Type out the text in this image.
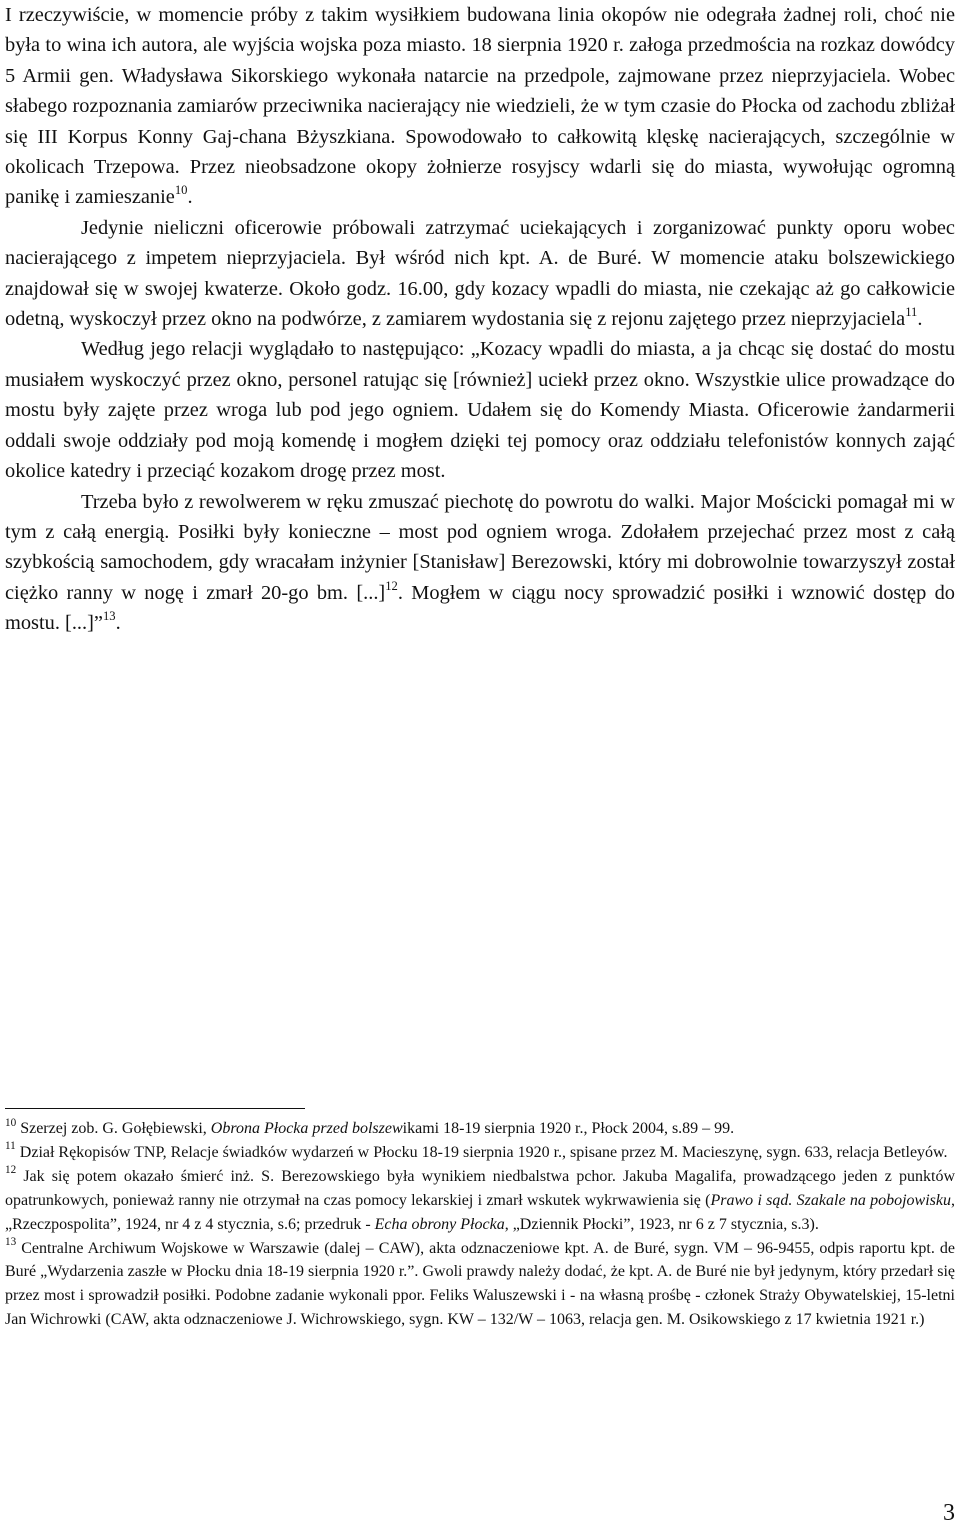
I rzeczywiście, w momencie próby z takim wysiłkiem budowana linia okopów nie odegrała żadnej roli, choć nie była to wina ich autora, ale wyjścia wojska poza miasto. 18 sierpnia 1920 r. załoga przedmościa na rozkaz dowódcy 5 Armii gen. Władysława Sikorskiego wykonała natarcie na przedpole, zajmowane przez nieprzyjaciela. Wobec słabego rozpoznania zamiarów przeciwnika nacierający nie wiedzieli, że w tym czasie do Płocka od zachodu zbliżał się III Korpus Konny Gaj-chana Bżyszkiana. Spowodowało to całkowitą klęskę nacierających, szczególnie w okolicach Trzepowa. Przez nieobsadzone okopy żołnierze rosyjscy wdarli się do miasta, wywołując ogromną panikę i zamieszanie$^{10}$.

Jedynie nieliczni oficerowie próbowali zatrzymać uciekających i zorganizować punkty oporu wobec nacierającego z impetem nieprzyjaciela. Był wśród nich kpt. A. de Buré. W momencie ataku bolszewickiego znajdował się w swojej kwaterze. Około godz. 16.00, gdy kozacy wpadli do miasta, nie czekając aż go całkowicie odetną, wyskoczył przez okno na podwórze, z zamiarem wydostania się z rejonu zajętego przez nieprzyjaciela$^{11}$.

Według jego relacji wyglądało to następująco: „Kozacy wpadli do miasta, a ja chcąc się dostać do mostu musiałem wyskoczyć przez okno, personel ratując się [również] uciekł przez okno. Wszystkie ulice prowadzące do mostu były zajęte przez wroga lub pod jego ogniem. Udałem się do Komendy Miasta. Oficerowie żandarmerii oddali swoje oddziały pod moją komendę i mogłem dzięki tej pomocy oraz oddziału telefonistów konnych zająć okolice katedry i przeciąć kozakom drogę przez most.

Trzeba było z rewolwerem w ręku zmuszać piechotę do powrotu do walki. Major Mościcki pomagał mi w tym z całą energią. Posiłki były konieczne – most pod ogniem wroga. Zdołałem przejechać przez most z całą szybkością samochodem, gdy wracałam inżynier [Stanisław] Berezowski, który mi dobrowolnie towarzyszył został ciężko ranny w nogę i zmarł 20-go bm. [...]$^{12}$. Mogłem w ciągu nocy sprowadzić posiłki i wznowić dostęp do mostu. [...]”$^{13}$.

$^{10}$ Szerzej zob. G. Gołębiewski, Obrona Płocka przed bolszewikami 18-19 sierpnia 1920 r., Płock 2004, s.89 – 99.

$^{11}$ Dział Rękopisów TNP, Relacje świadków wydarzeń w Płocku 18-19 sierpnia 1920 r., spisane przez M. Macieszynę, sygn. 633, relacja Betleyów.

$^{12}$ Jak się potem okazało śmierć inż. S. Berezowskiego była wynikiem niedbalstwa pchor. Jakuba Magalifa, prowadzącego jeden z punktów opatrunkowych, ponieważ ranny nie otrzymał na czas pomocy lekarskiej i zmarł wskutek wykrwawienia się (Prawo i sąd. Szakale na pobojowisku, „Rzeczpospolita”, 1924, nr 4 z 4 stycznia, s.6; przedruk - Echa obrony Płocka, „Dziennik Płocki”, 1923, nr 6 z 7 stycznia, s.3).

$^{13}$ Centralne Archiwum Wojskowe w Warszawie (dalej – CAW), akta odznaczeniowe kpt. A. de Buré, sygn. VM – 96-9455, odpis raportu kpt. de Buré „Wydarzenia zaszłe w Płocku dnia 18-19 sierpnia 1920 r.”. Gwoli prawdy należy dodać, że kpt. A. de Buré nie był jedynym, który przedarł się przez most i sprowadził posiłki. Podobne zadanie wykonali ppor. Feliks Waluszewski i - na własną prośbę - członek Straży Obywatelskiej, 15-letni Jan Wichrowki (CAW, akta odznaczeniowe J. Wichrowskiego, sygn. KW – 132/W – 1063, relacja gen. M. Osikowskiego z 17 kwietnia 1921 r.)

3
